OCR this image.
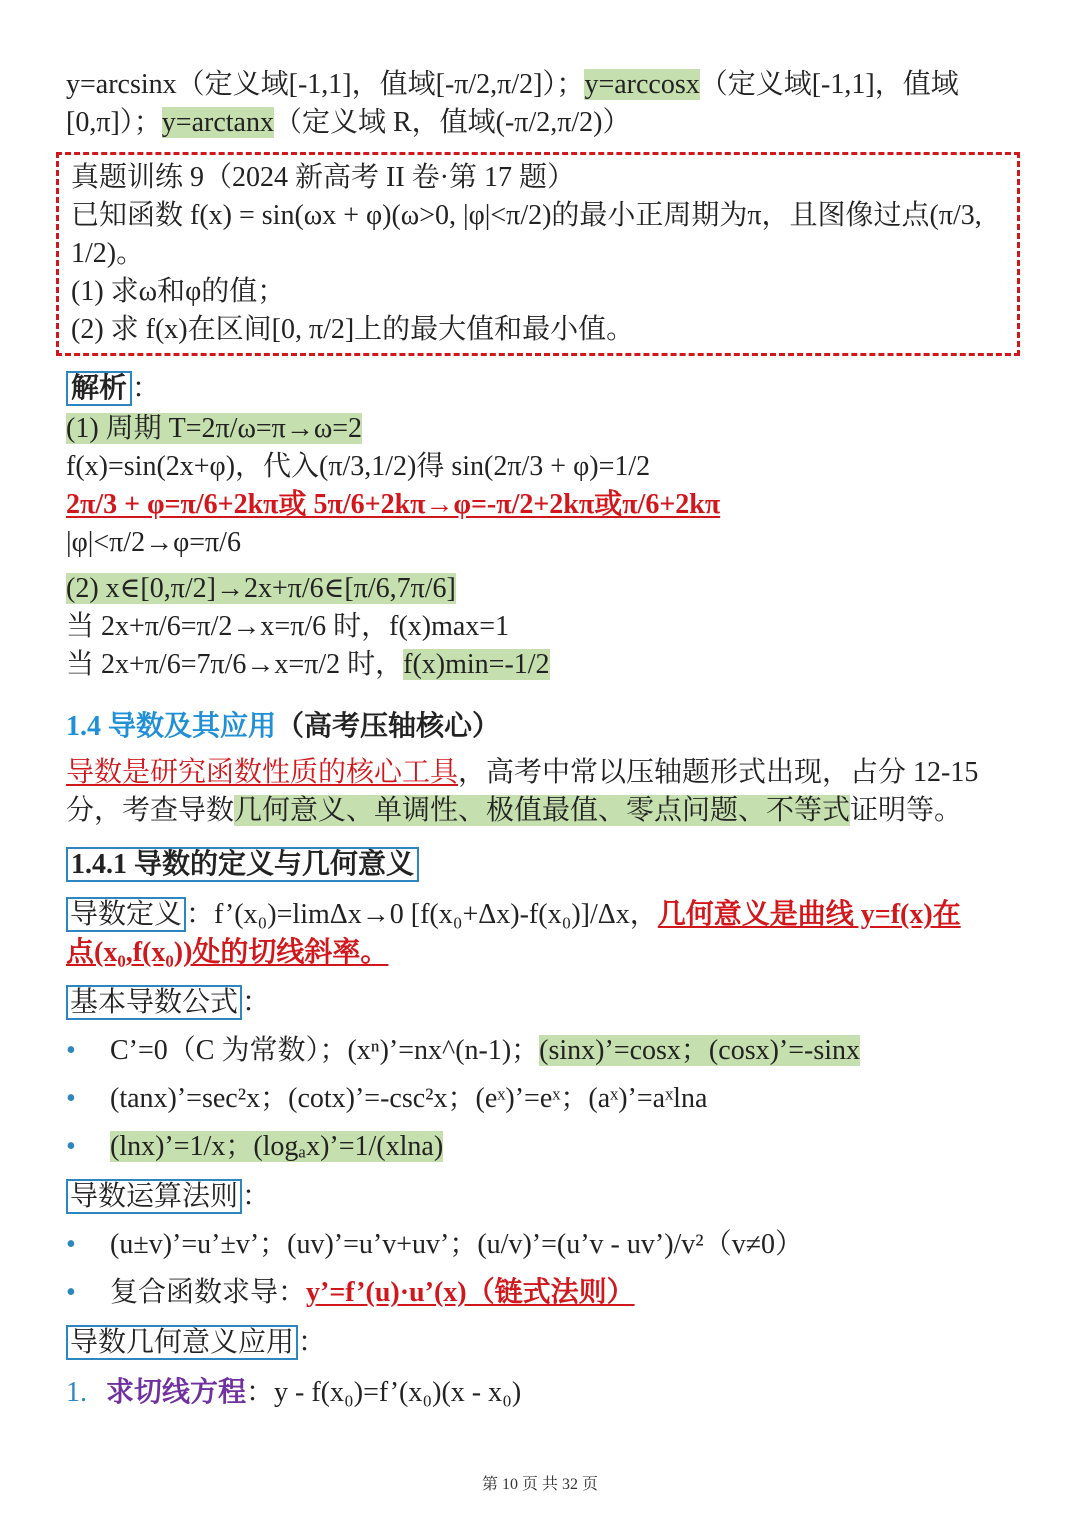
y=arcsinx（定义域[-1,1]，值域[-π/2,π/2]）；y=arccosx（定义域[-1,1]，值域
[0,π]）；y=arctanx（定义域 R，值域(-π/2,π/2)）
真题训练 9（2024 新高考 II 卷·第 17 题）
已知函数 f(x) = sin(ωx + φ)(ω>0, |φ|<π/2)的最小正周期为π，且图像过点(π/3,
1/2)。
(1) 求ω和φ的值；
(2) 求 f(x)在区间[0, π/2]上的最大值和最小值。
解析 ：
(1) 周期 T=2π/ω=π→ω=2
f(x)=sin(2x+φ)，代入(π/3,1/2)得 sin(2π/3 + φ)=1/2
2π/3 + φ=π/6+2kπ或 5π/6+2kπ→φ=-π/2+2kπ或π/6+2kπ
|φ|<π/2→φ=π/6
(2) x∈[0,π/2]→2x+π/6∈[π/6,7π/6]
当 2x+π/6=π/2→x=π/6 时，f(x)max=1
当 2x+π/6=7π/6→x=π/2 时，f(x)min=-1/2
1.4 导数及其应用（高考压轴核心）
导数是研究函数性质的核心工具，高考中常以压轴题形式出现，占分 12-15
分，考查导数几何意义、单调性、极值最值、零点问题、不等式证明等。
1.4.1 导数的定义与几何意义
导数定义 ：f’(x₀)=limΔx→0 [f(x₀+Δx)-f(x₀)]/Δx，几何意义是曲线 y=f(x)在
点(x₀,f(x₀))处的切线斜率。
基本导数公式 ：
• C’=0（C 为常数）；(xⁿ)’=nx^(n-1)；(sinx)’=cosx；(cosx)’=-sinx
• (tanx)’=sec²x；(cotx)’=-csc²x；(eˣ)’=eˣ；(aˣ)’=aˣlna
• (lnx)’=1/x；(logₐx)’=1/(xlna)
导数运算法则 ：
• (u±v)’=u’±v’；(uv)’=u’v+uv’；(u/v)’=(u’v - uv’)/v²（v≠0）
• 复合函数求导：y’=f’(u)·u’(x)（链式法则）
导数几何意义应用 ：
1. 求切线方程：y - f(x₀)=f’(x₀)(x - x₀)
第 10 页 共 32 页
